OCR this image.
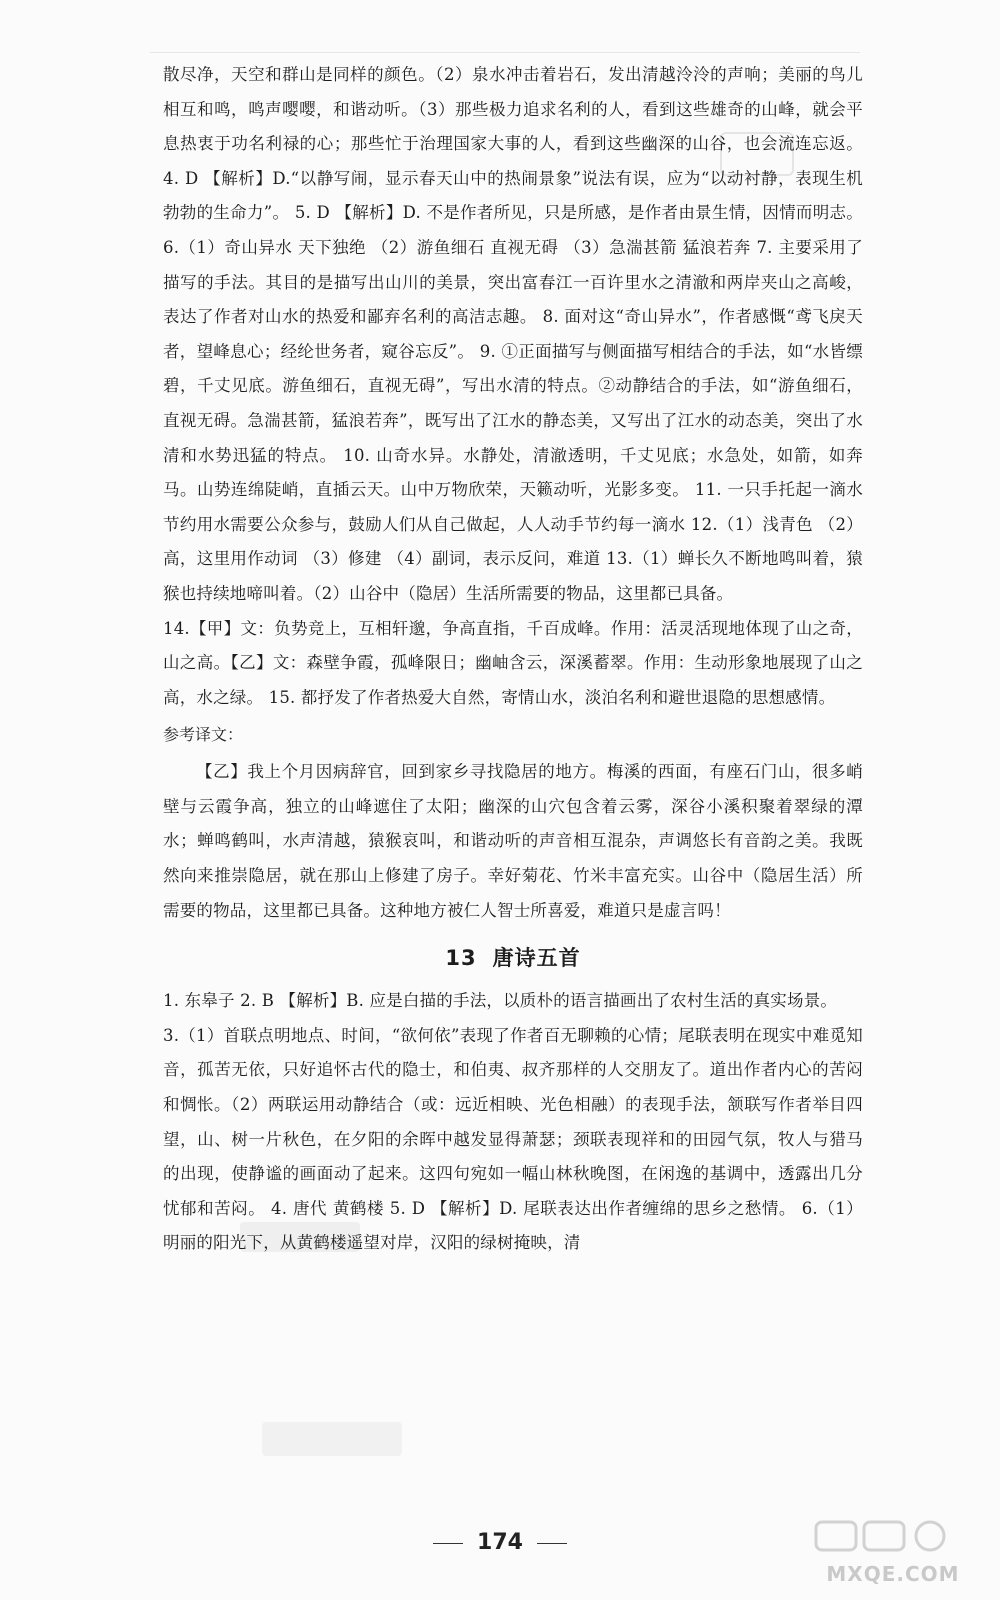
散尽净，天空和群山是同样的颜色。（2）泉水冲击着岩石，发出清越泠泠的声响；美丽的鸟儿相互和鸣，鸣声嘤嘤，和谐动听。（3）那些极力追求名利的人，看到这些雄奇的山峰，就会平息热衷于功名利禄的心；那些忙于治理国家大事的人，看到这些幽深的山谷，也会流连忘返。 4. D 【解析】D.“以静写闹，显示春天山中的热闹景象”说法有误，应为“以动衬静，表现生机勃勃的生命力”。 5. D 【解析】D. 不是作者所见，只是所感，是作者由景生情，因情而明志。 6.（1）奇山异水 天下独绝 （2）游鱼细石 直视无碍 （3）急湍甚箭 猛浪若奔 7. 主要采用了描写的手法。其目的是描写出山川的美景，突出富春江一百许里水之清澈和两岸夹山之高峻，表达了作者对山水的热爱和鄙弃名利的高洁志趣。 8. 面对这“奇山异水”，作者感慨“鸢飞戾天者，望峰息心；经纶世务者，窥谷忘反”。 9. ①正面描写与侧面描写相结合的手法，如“水皆缥碧，千丈见底。游鱼细石，直视无碍”，写出水清的特点。②动静结合的手法，如“游鱼细石，直视无碍。急湍甚箭，猛浪若奔”，既写出了江水的静态美，又写出了江水的动态美，突出了水清和水势迅猛的特点。 10. 山奇水异。水静处，清澈透明，千丈见底；水急处，如箭，如奔马。山势连绵陡峭，直插云天。山中万物欣荣，天籁动听，光影多变。 11. 一只手托起一滴水 节约用水需要公众参与，鼓励人们从自己做起，人人动手节约每一滴水 12.（1）浅青色 （2）高，这里用作动词 （3）修建 （4）副词，表示反问，难道 13.（1）蝉长久不断地鸣叫着，猿猴也持续地啼叫着。（2）山谷中（隐居）生活所需要的物品，这里都已具备。

14.【甲】文：负势竞上，互相轩邈，争高直指，千百成峰。作用：活灵活现地体现了山之奇，山之高。【乙】文：森壁争霞，孤峰限日；幽岫含云，深溪蓄翠。作用：生动形象地展现了山之高，水之绿。 15. 都抒发了作者热爱大自然，寄情山水，淡泊名利和避世退隐的思想感情。

参考译文：

【乙】我上个月因病辞官，回到家乡寻找隐居的地方。梅溪的西面，有座石门山，很多峭壁与云霞争高，独立的山峰遮住了太阳；幽深的山穴包含着云雾，深谷小溪积聚着翠绿的潭水；蝉鸣鹤叫，水声清越，猿猴哀叫，和谐动听的声音相互混杂，声调悠长有音韵之美。我既然向来推崇隐居，就在那山上修建了房子。幸好菊花、竹米丰富充实。山谷中（隐居生活）所需要的物品，这里都已具备。这种地方被仁人智士所喜爱，难道只是虚言吗！

13 唐诗五首

1. 东皋子 2. B 【解析】B. 应是白描的手法，以质朴的语言描画出了农村生活的真实场景。

3.（1）首联点明地点、时间，“欲何依”表现了作者百无聊赖的心情；尾联表明在现实中难觅知音，孤苦无依，只好追怀古代的隐士，和伯夷、叔齐那样的人交朋友了。道出作者内心的苦闷和惆怅。（2）两联运用动静结合（或：远近相映、光色相融）的表现手法，颔联写作者举目四望，山、树一片秋色，在夕阳的余晖中越发显得萧瑟；颈联表现祥和的田园气氛，牧人与猎马的出现，使静谧的画面动了起来。这四句宛如一幅山林秋晚图，在闲逸的基调中，透露出几分忧郁和苦闷。 4. 唐代 黄鹤楼 5. D 【解析】D. 尾联表达出作者缠绵的思乡之愁情。 6.（1）明丽的阳光下，从黄鹤楼遥望对岸，汉阳的绿树掩映，清

174
MXQE.COM
